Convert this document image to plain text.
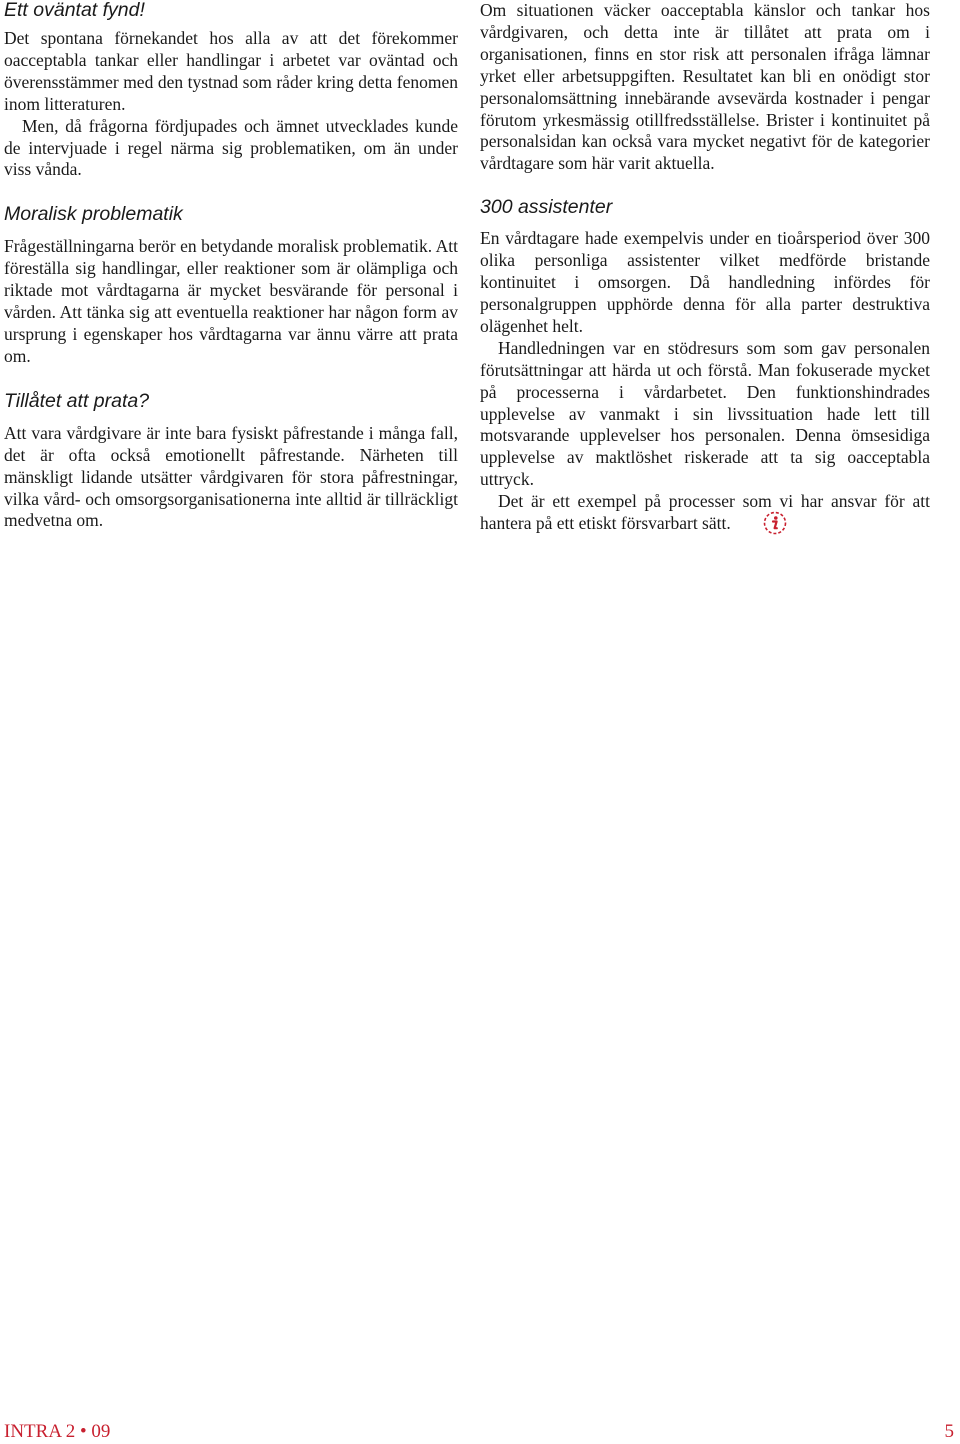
Ett oväntat fynd!

Det spontana förnekandet hos alla av att det förekommer oacceptabla tankar eller handlingar i arbetet var oväntad och överensstämmer med den tystnad som råder kring detta fenomen inom litteraturen.

Men, då frågorna fördjupades och ämnet utvecklades kunde de intervjuade i regel närma sig problematiken, om än under viss vånda.

Moralisk problematik

Frågeställningarna berör en betydande moralisk problematik. Att föreställa sig handlingar, eller reaktioner som är olämpliga och riktade mot vårdtagarna är mycket besvärande för personal i vården. Att tänka sig att eventuella reaktioner har någon form av ursprung i egenskaper hos vårdtagarna var ännu värre att prata om.

Tillåtet att prata?

Att vara vårdgivare är inte bara fysiskt påfrestande i många fall, det är ofta också emotionellt påfrestande. Närheten till mänskligt lidande utsätter vårdgivaren för stora påfrestningar, vilka vård- och omsorgsorganisationerna inte alltid är tillräckligt medvetna om.

Om situationen väcker oacceptabla känslor och tankar hos vårdgivaren, och detta inte är tillåtet att prata om i organisationen, finns en stor risk att personalen ifråga lämnar yrket eller arbetsuppgiften. Resultatet kan bli en onödigt stor personalomsättning innebärande avsevärda kostnader i pengar förutom yrkesmässig otillfredsställelse. Brister i kontinuitet på personalsidan kan också vara mycket negativt för de kategorier vårdtagare som här varit aktuella.

300 assistenter

En vårdtagare hade exempelvis under en tioårsperiod över 300 olika personliga assistenter vilket medförde bristande kontinuitet i omsorgen. Då handledning infördes för personalgruppen upphörde denna för alla parter destruktiva olägenhet helt.

Handledningen var en stödresurs som som gav personalen förutsättningar att härda ut och förstå. Man fokuserade mycket på processerna i vårdarbetet. Den funktionshindrades upplevelse av vanmakt i sin livssituation hade lett till motsvarande upplevelser hos personalen. Denna ömsesidiga upplevelse av maktlöshet riskerade att ta sig oacceptabla uttryck.

Det är ett exempel på processer som vi har ansvar för att hantera på ett etiskt försvarbart sätt.

INTRA 2 • 09	5
